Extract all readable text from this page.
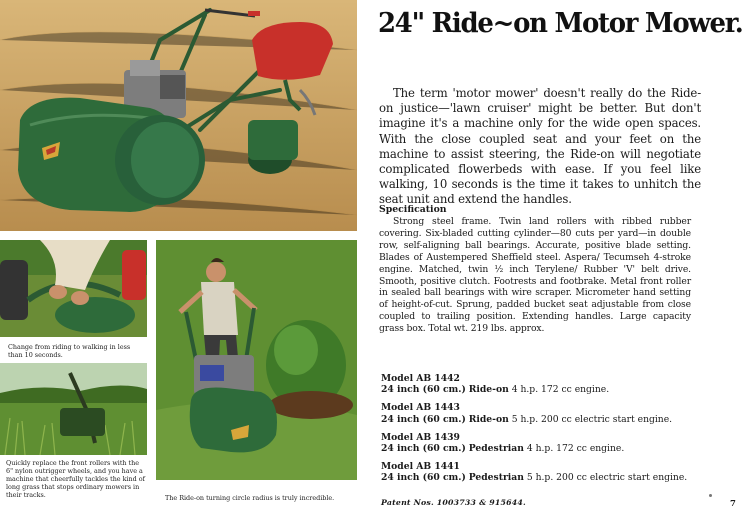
Change from riding to walking in less than 10 seconds.

Quickly replace the front rollers with the 6" nylon outrigger wheels, and you have a machine that cheerfully tackles the kind of long grass that stops ordinary mowers in their tracks.	The Ride-on turning circle radius is truly incredible.

24" Ride~on Motor Mower.

The term 'motor mower' doesn't really do the Ride-on justice—'lawn cruiser' might be better. But don't imagine it's a machine only for the wide open spaces. With the close coupled seat and your feet on the machine to assist steering, the Ride-on will negotiate complicated flowerbeds with ease. If you feel like walking, 10 seconds is the time it takes to unhitch the seat unit and extend the handles.

Specification

Strong steel frame. Twin land rollers with ribbed rubber covering. Six-bladed cutting cylinder—80 cuts per yard—in double row, self-aligning ball bearings. Accurate, positive blade setting. Blades of Austempered Sheffield steel. Aspera/ Tecumseh 4-stroke engine. Matched, twin ½ inch Terylene/ Rubber 'V' belt drive. Smooth, positive clutch. Footrests and footbrake. Metal front roller in sealed ball bearings with wire scraper. Micrometer hand setting of height-of-cut. Sprung, padded bucket seat adjustable from close coupled to trailing position. Extending handles. Large capacity grass box. Total wt. 219 lbs. approx.

Model AB 1442
24 inch (60 cm.) Ride-on 4 h.p. 172 cc engine.
Model AB 1443
24 inch (60 cm.) Ride-on 5 h.p. 200 cc electric start engine.
Model AB 1439
24 inch (60 cm.) Pedestrian 4 h.p. 172 cc engine.
Model AB 1441
24 inch (60 cm.) Pedestrian 5 h.p. 200 cc electric start engine.

Patent Nos. 1003733 & 915644.	7
